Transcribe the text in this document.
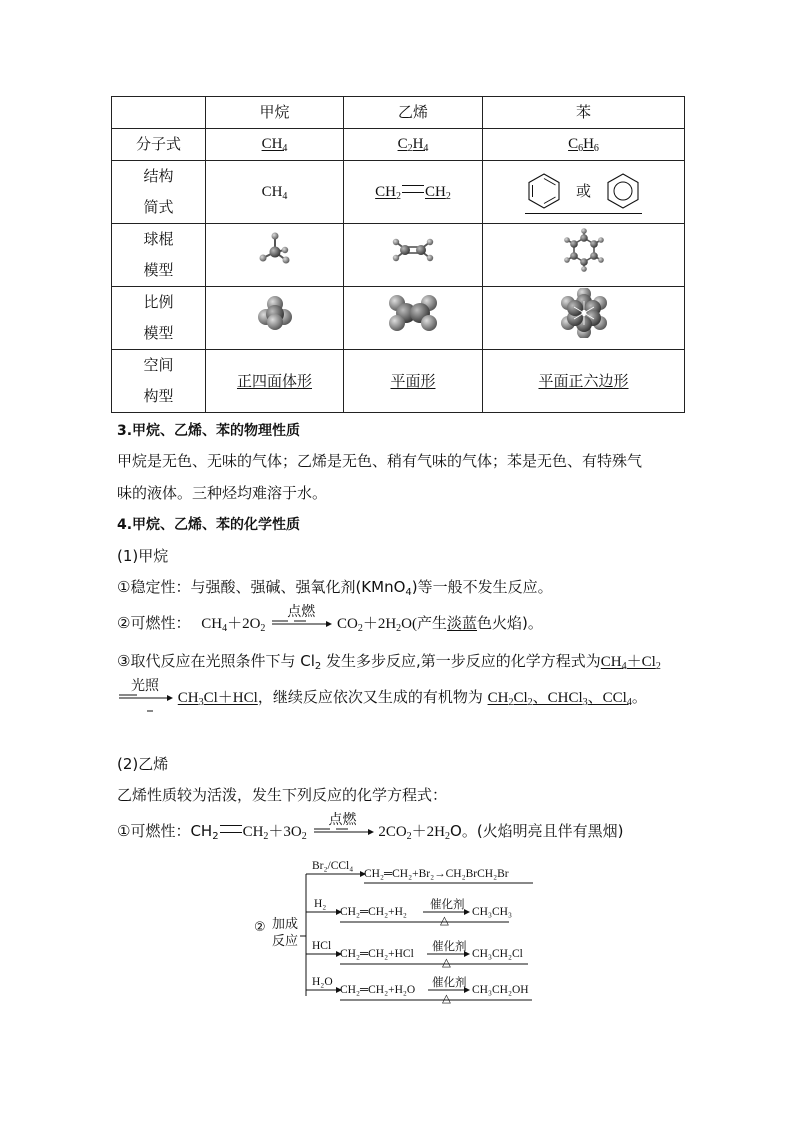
	甲烷	乙烯	苯
分子式	$CH_4$	$C_2H_4$	$C_6H_6$

结构
简式	$CH_4$	$CH_2$ $CH_2$	或

球棍
模型

比例
模型

空间
构型	正四面体形	平面形	平面正六边形
3.甲烷、乙烯、苯的物理性质
甲烷是无色、无味的气体；乙烯是无色、稍有气味的气体；苯是无色、有特殊气
味的液体。三种烃均难溶于水。
4.甲烷、乙烯、苯的化学性质
(1)甲烷
①稳定性：与强酸、强碱、强氧化剂(KMnO$_4$)等一般不发生反应。
②可燃性： $CH_4+2O_2$
点燃
$CO_2+2H_2O$(产生淡蓝色火焰)。
③取代反应在光照条件下与 $Cl_2$ 发生多步反应,第一步反应的化学方程式为$CH_4+Cl_2$
光照
$CH_3Cl+HCl$，继续反应依次又生成的有机物为 $CH_2Cl_2$、CHCl$_3$、CCl$_4$。
(2)乙烯
乙烯性质较为活泼，发生下列反应的化学方程式：
①可燃性：$CH_2$ $CH_2+3O_2$
点燃
$2CO_2+2H_2O$。(火焰明亮且伴有黑烟)
② 加成
反应
Br₂/CCl₄
CH₂═CH₂+Br₂→CH₂BrCH₂Br
H₂
CH₂═CH₂+H₂
催化剂
△
CH₃CH₃
HCl
CH₂═CH₂+HCl
催化剂
△
CH₃CH₂Cl
H₂O
CH₂═CH₂+H₂O
催化剂
△
CH₃CH₂OH
